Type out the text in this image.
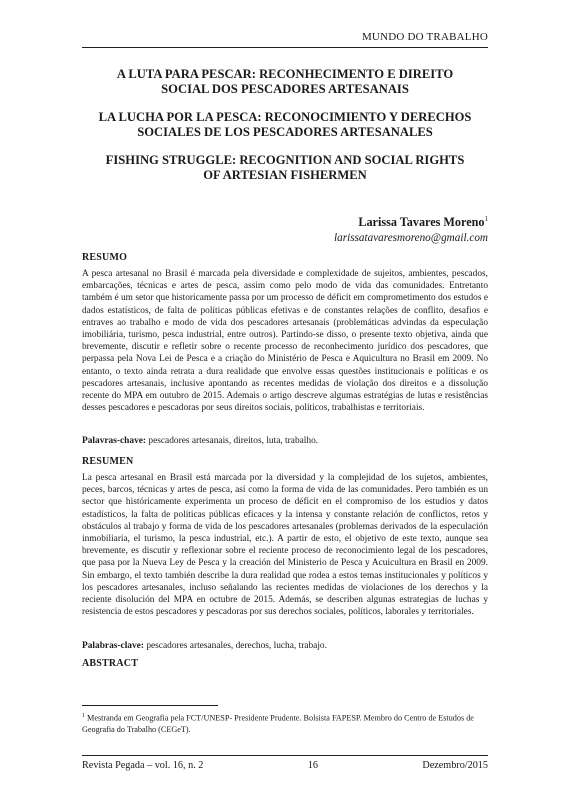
MUNDO DO TRABALHO
A LUTA PARA PESCAR: RECONHECIMENTO E DIREITO
SOCIAL DOS PESCADORES ARTESANAIS
LA LUCHA POR LA PESCA: RECONOCIMIENTO Y DERECHOS
SOCIALES DE LOS PESCADORES ARTESANALES
FISHING STRUGGLE: RECOGNITION AND SOCIAL RIGHTS
OF ARTESIAN FISHERMEN
Larissa Tavares Moreno$^1$
larissatavaresmoreno@gmail.com
RESUMO

A pesca artesanal no Brasil é marcada pela diversidade e complexidade de sujeitos, ambientes, pescados, embarcações, técnicas e artes de pesca, assim como pelo modo de vida das comunidades. Entretanto também é um setor que historicamente passa por um processo de déficit em comprometimento dos estudos e dados estatísticos, de falta de políticas públicas efetivas e de constantes relações de conflito, desafios e entraves ao trabalho e modo de vida dos pescadores artesanais (problemáticas advindas da especulação imobiliária, turismo, pesca industrial, entre outros). Partindo-se disso, o presente texto objetiva, ainda que brevemente, discutir e refletir sobre o recente processo de reconhecimento jurídico dos pescadores, que perpassa pela Nova Lei de Pesca e a criação do Ministério de Pesca e Aquicultura no Brasil em 2009. No entanto, o texto ainda retrata a dura realidade que envolve essas questões institucionais e políticas e os pescadores artesanais, inclusive apontando as recentes medidas de violação dos direitos e a dissolução recente do MPA em outubro de 2015. Ademais o artigo descreve algumas estratégias de lutas e resistências desses pescadores e pescadoras por seus direitos sociais, políticos, trabalhistas e territoriais.

Palavras-chave: pescadores artesanais, direitos, luta, trabalho.
RESUMEN

La pesca artesanal en Brasil está marcada por la diversidad y la complejidad de los sujetos, ambientes, peces, barcos, técnicas y artes de pesca, así como la forma de vida de las comunidades. Pero también es un sector que históricamente experimenta un proceso de déficit en el compromiso de los estudios y datos estadísticos, la falta de políticas públicas eficaces y la intensa y constante relación de conflictos, retos y obstáculos al trabajo y forma de vida de los pescadores artesanales (problemas derivados de la especulación inmobiliaria, el turismo, la pesca industrial, etc.). A partir de esto, el objetivo de este texto, aunque sea brevemente, es discutir y reflexionar sobre el reciente proceso de reconocimiento legal de los pescadores, que pasa por la Nueva Ley de Pesca y la creación del Ministerio de Pesca y Acuicultura en Brasil en 2009. Sin embargo, el texto también describe la dura realidad que rodea a estos temas institucionales y políticos y los pescadores artesanales, incluso señalando las recientes medidas de violaciones de los derechos y la reciente disolución del MPA en octubre de 2015. Además, se describen algunas estrategias de luchas y resistencia de estos pescadores y pescadoras por sus derechos sociales, políticos, laborales y territoriales.

Palabras-clave: pescadores artesanales, derechos, lucha, trabajo.
ABSTRACT
$^1$ Mestranda em Geografia pela FCT/UNESP- Presidente Prudente. Bolsista FAPESP. Membro do Centro de Estudos de Geografia do Trabalho (CEGeT).
Revista Pegada – vol. 16, n. 2	16	Dezembro/2015
